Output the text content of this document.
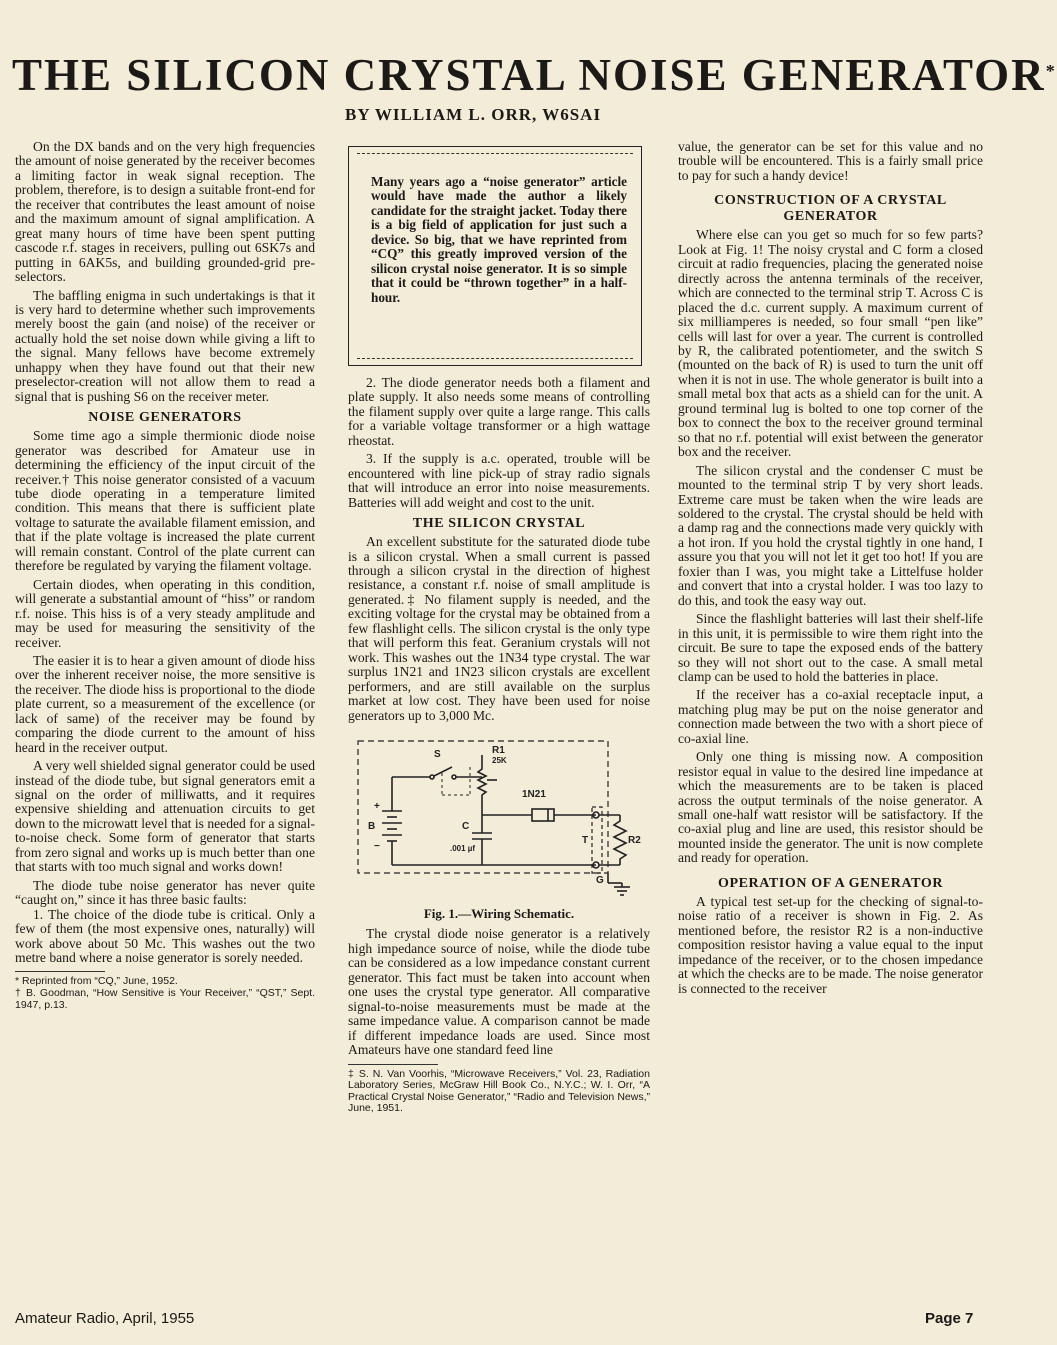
THE SILICON CRYSTAL NOISE GENERATOR*
BY WILLIAM L. ORR, W6SAI

On the DX bands and on the very high frequencies the amount of noise generated by the receiver becomes a limiting factor in weak signal reception. The problem, therefore, is to design a suitable front-end for the receiver that contributes the least amount of noise and the maximum amount of signal amplification. A great many hours of time have been spent putting cascode r.f. stages in receivers, pulling out 6SK7s and putting in 6AK5s, and building grounded-grid pre-selectors.

The baffling enigma in such undertakings is that it is very hard to determine whether such improvements merely boost the gain (and noise) of the receiver or actually hold the set noise down while giving a lift to the signal. Many fellows have become extremely unhappy when they have found out that their new preselector-creation will not allow them to read a signal that is pushing S6 on the receiver meter.

NOISE GENERATORS

Some time ago a simple thermionic diode noise generator was described for Amateur use in determining the efficiency of the input circuit of the receiver.† This noise generator consisted of a vacuum tube diode operating in a temperature limited condition. This means that there is sufficient plate voltage to saturate the available filament emission, and that if the plate voltage is increased the plate current will remain constant. Control of the plate current can therefore be regulated by varying the filament voltage.

Certain diodes, when operating in this condition, will generate a substantial amount of “hiss” or random r.f. noise. This hiss is of a very steady amplitude and may be used for measuring the sensitivity of the receiver.

The easier it is to hear a given amount of diode hiss over the inherent receiver noise, the more sensitive is the receiver. The diode hiss is proportional to the diode plate current, so a measurement of the excellence (or lack of same) of the receiver may be found by comparing the diode current to the amount of hiss heard in the receiver output.

A very well shielded signal generator could be used instead of the diode tube, but signal generators emit a signal on the order of milliwatts, and it requires expensive shielding and attenuation circuits to get down to the microwatt level that is needed for a signal-to-noise check. Some form of generator that starts from zero signal and works up is much better than one that starts with too much signal and works down!

The diode tube noise generator has never quite “caught on,” since it has three basic faults:

1. The choice of the diode tube is critical. Only a few of them (the most expensive ones, naturally) will work above about 50 Mc. This washes out the two metre band where a noise generator is sorely needed.

* Reprinted from “CQ,” June, 1952.
† B. Goodman, “How Sensitive is Your Receiver,” “QST,” Sept. 1947, p.13.
Many years ago a “noise generator” article would have made the author a likely candidate for the straight jacket. Today there is a big field of application for just such a device. So big, that we have reprinted from “CQ” this greatly improved version of the silicon crystal noise generator. It is so simple that it could be “thrown together” in a half-hour.

2. The diode generator needs both a filament and plate supply. It also needs some means of controlling the filament supply over quite a large range. This calls for a variable voltage transformer or a high wattage rheostat.

3. If the supply is a.c. operated, trouble will be encountered with line pick-up of stray radio signals that will introduce an error into noise measurements. Batteries will add weight and cost to the unit.

THE SILICON CRYSTAL

An excellent substitute for the saturated diode tube is a silicon crystal. When a small current is passed through a silicon crystal in the direction of highest resistance, a constant r.f. noise of small amplitude is generated.‡ No filament supply is needed, and the exciting voltage for the crystal may be obtained from a few flashlight cells. The silicon crystal is the only type that will perform this feat. Geranium crystals will not work. This washes out the 1N34 type crystal. The war surplus 1N21 and 1N23 silicon crystals are excellent performers, and are still available on the surplus market at low cost. They have been used for noise generators up to 3,000 Mc.

S	R1
25K
1N21
+
B
−
C
.001 µf
T	R2
G
Fig. 1.—Wiring Schematic.

The crystal diode noise generator is a relatively high impedance source of noise, while the diode tube can be considered as a low impedance constant current generator. This fact must be taken into account when one uses the crystal type generator. All comparative signal-to-noise measurements must be made at the same impedance value. A comparison cannot be made if different impedance loads are used. Since most Amateurs have one standard feed line

‡ S. N. Van Voorhis, “Microwave Receivers,” Vol. 23, Radiation Laboratory Series, McGraw Hill Book Co., N.Y.C.; W. I. Orr, “A Practical Crystal Noise Generator,” “Radio and Television News,” June, 1951.

value, the generator can be set for this value and no trouble will be encountered. This is a fairly small price to pay for such a handy device!

CONSTRUCTION OF A CRYSTAL GENERATOR

Where else can you get so much for so few parts? Look at Fig. 1! The noisy crystal and C form a closed circuit at radio frequencies, placing the generated noise directly across the antenna terminals of the receiver, which are connected to the terminal strip T. Across C is placed the d.c. current supply. A maximum current of six milliamperes is needed, so four small “pen like” cells will last for over a year. The current is controlled by R, the calibrated potentiometer, and the switch S (mounted on the back of R) is used to turn the unit off when it is not in use. The whole generator is built into a small metal box that acts as a shield can for the unit. A ground terminal lug is bolted to one top corner of the box to connect the box to the receiver ground terminal so that no r.f. potential will exist between the generator box and the receiver.

The silicon crystal and the condenser C must be mounted to the terminal strip T by very short leads. Extreme care must be taken when the wire leads are soldered to the crystal. The crystal should be held with a damp rag and the connections made very quickly with a hot iron. If you hold the crystal tightly in one hand, I assure you that you will not let it get too hot! If you are foxier than I was, you might take a Littelfuse holder and convert that into a crystal holder. I was too lazy to do this, and took the easy way out.

Since the flashlight batteries will last their shelf-life in this unit, it is permissible to wire them right into the circuit. Be sure to tape the exposed ends of the battery so they will not short out to the case. A small metal clamp can be used to hold the batteries in place.

If the receiver has a co-axial receptacle input, a matching plug may be put on the noise generator and connection made between the two with a short piece of co-axial line.

Only one thing is missing now. A composition resistor equal in value to the desired line impedance at which the measurements are to be taken is placed across the output terminals of the noise generator. A small one-half watt resistor will be satisfactory. If the co-axial plug and line are used, this resistor should be mounted inside the generator. The unit is now complete and ready for operation.

OPERATION OF A GENERATOR

A typical test set-up for the checking of signal-to-noise ratio of a receiver is shown in Fig. 2. As mentioned before, the resistor R2 is a non-inductive composition resistor having a value equal to the input impedance of the receiver, or to the chosen impedance at which the checks are to be made. The noise generator is connected to the receiver

Amateur Radio, April, 1955	Page 7
